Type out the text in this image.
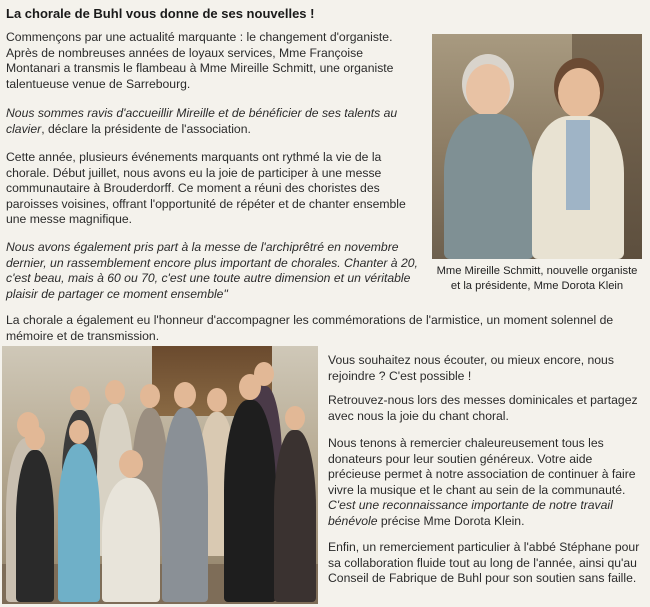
La chorale de Buhl vous donne de ses nouvelles !

Commençons par une actualité marquante : le changement d'organiste. Après de nombreuses années de loyaux services, Mme Françoise Montanari a transmis le flambeau à Mme Mireille Schmitt, une organiste talentueuse venue de Sarrebourg.

Nous sommes ravis d'accueillir Mireille et de bénéficier de ses talents au clavier, déclare la présidente de l'association.

Cette année, plusieurs événements marquants ont rythmé la vie de la chorale. Début juillet, nous avons eu la joie de participer à une messe communautaire à Brouderdorff. Ce moment a réuni des choristes des paroisses voisines, offrant l'opportunité de répéter et de chanter ensemble une messe magnifique.

Nous avons également pris part à la messe de l'archiprêtré en novembre dernier, un rassemblement encore plus important de chorales. Chanter à 20, c'est beau, mais à 60 ou 70, c'est une toute autre dimension et un véritable plaisir de partager ce moment ensemble"

Mme Mireille Schmitt, nouvelle organiste et la présidente, Mme Dorota Klein

La chorale a également eu l'honneur d'accompagner les commémorations de l'armistice, un moment solennel de mémoire et de transmission.

Vous souhaitez nous écouter, ou mieux encore, nous rejoindre ? C'est possible !

Retrouvez-nous lors des messes dominicales et partagez avec nous la joie du chant choral.

Nous tenons à remercier chaleureusement tous les donateurs pour leur soutien généreux. Votre aide précieuse permet à notre association de continuer à faire vivre la musique et le chant au sein de la communauté. C'est une reconnaissance importante de notre travail bénévole précise Mme Dorota Klein.

Enfin, un remerciement particulier à l'abbé Stéphane pour sa collaboration fluide tout au long de l'année, ainsi qu'au Conseil de Fabrique de Buhl pour son soutien sans faille.
